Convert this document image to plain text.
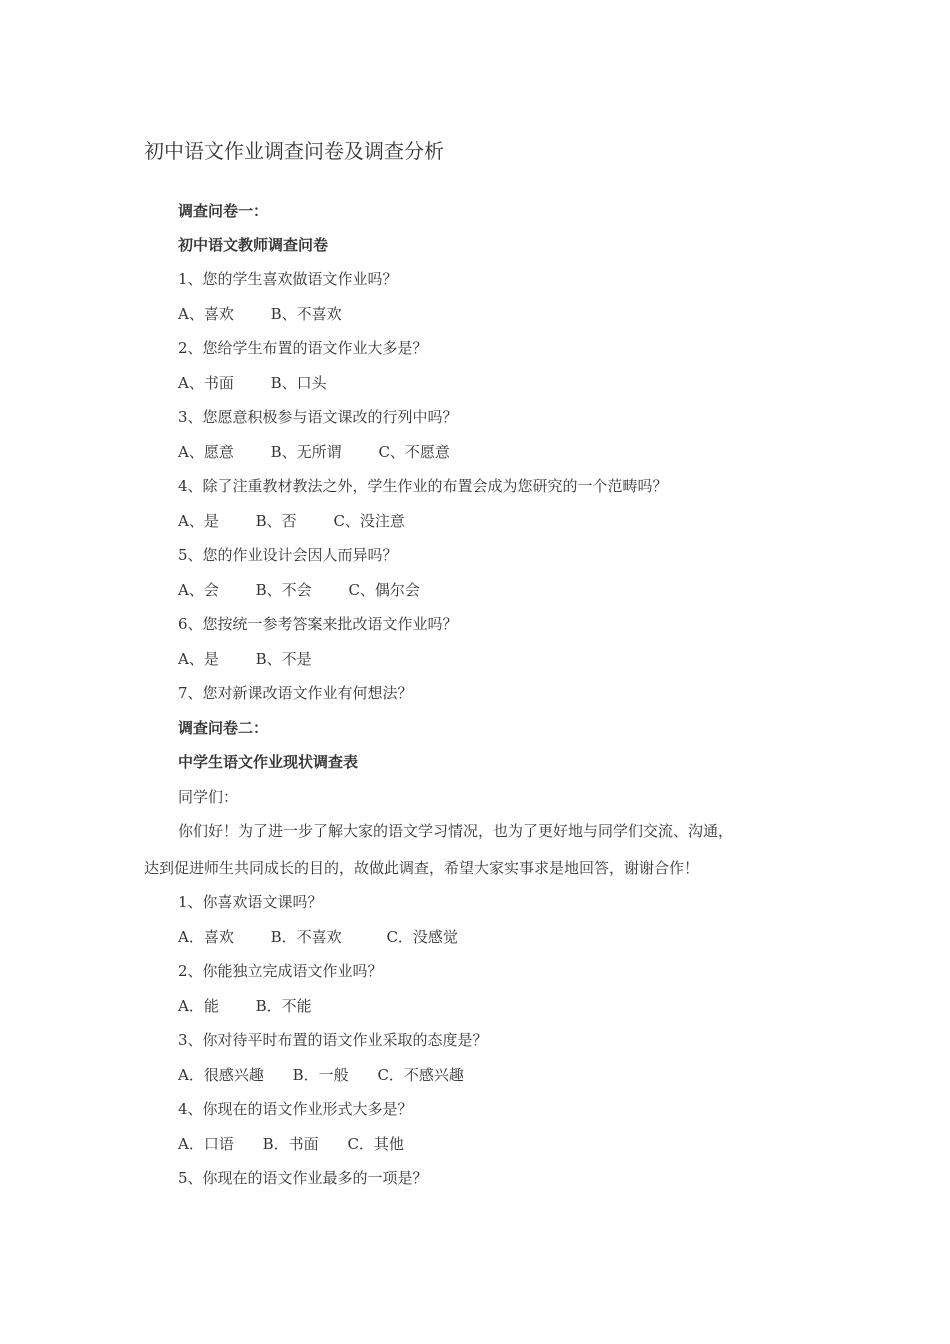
初中语文作业调查问卷及调查分析
调查问卷一：
初中语文教师调查问卷
1、您的学生喜欢做语文作业吗？
A、喜欢 B、不喜欢
2、您给学生布置的语文作业大多是？
A、书面 B、口头
3、您愿意积极参与语文课改的行列中吗？
A、愿意 B、无所谓 C、不愿意
4、除了注重教材教法之外，学生作业的布置会成为您研究的一个范畴吗？
A、是 B、否 C、没注意
5、您的作业设计会因人而异吗？
A、会 B、不会 C、偶尔会
6、您按统一参考答案来批改语文作业吗？
A、是 B、不是
7、您对新课改语文作业有何想法？
调查问卷二：
中学生语文作业现状调查表
同学们：
你们好！为了进一步了解大家的语文学习情况，也为了更好地与同学们交流、沟通，
达到促进师生共同成长的目的，故做此调查，希望大家实事求是地回答，谢谢合作！
1、你喜欢语文课吗？
A．喜欢 B．不喜欢	C．没感觉
2、你能独立完成语文作业吗？
A．能 B．不能
3、你对待平时布置的语文作业采取的态度是？
A．很感兴趣 B．一般 C．不感兴趣
4、你现在的语文作业形式大多是？
A．口语 B．书面 C．其他
5、你现在的语文作业最多的一项是？
